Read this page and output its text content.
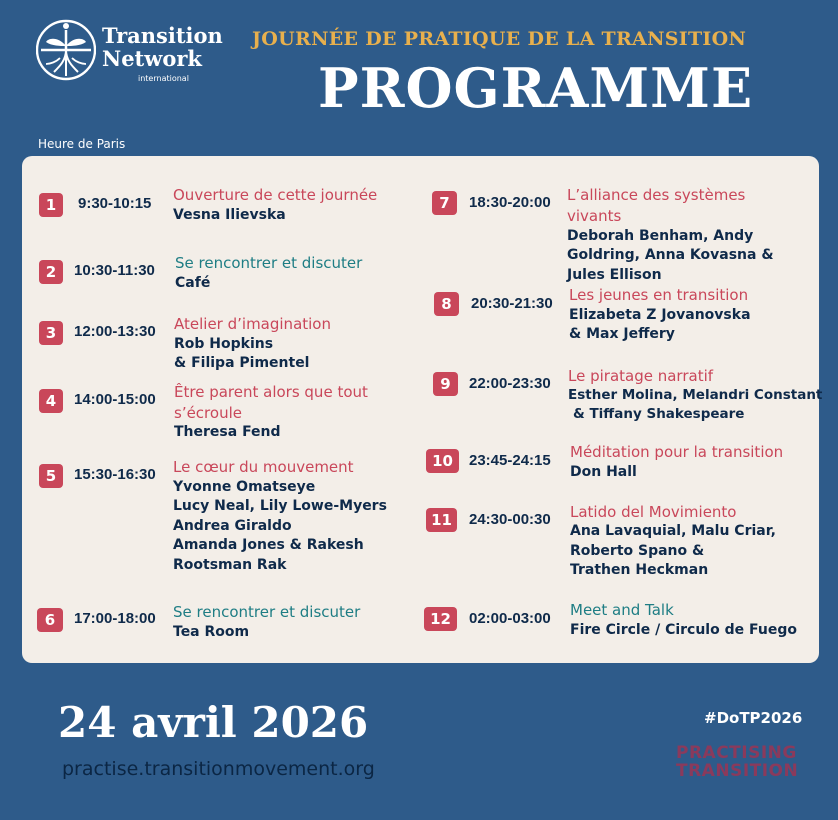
Transition
Network
international
JOURNÉE DE PRATIQUE DE LA TRANSITION
PROGRAMME
Heure de Paris
1	9:30-10:15 Ouverture de cette journée
Vesna Ilievska
2	10:30-11:30 Se rencontrer et discuter
Café
3	12:00-13:30 Atelier d’imagination
Rob Hopkins
& Filipa Pimentel
4	14:00-15:00 Être parent alors que tout
s’écroule
Theresa Fend
5	15:30-16:30 Le cœur du mouvement
Yvonne Omatseye
Lucy Neal, Lily Lowe-Myers
Andrea Giraldo
Amanda Jones & Rakesh
Rootsman Rak
6	17:00-18:00 Se rencontrer et discuter
Tea Room
7	18:30-20:00 L’alliance des systèmes
vivants
Deborah Benham, Andy
Goldring, Anna Kovasna &
Jules Ellison
8	20:30-21:30 Les jeunes en transition
Elizabeta Z Jovanovska
& Max Jeffery
9	22:00-23:30 Le piratage narratif
Esther Molina, Melandri Constant
& Tiffany Shakespeare
10	23:45-24:15 Méditation pour la transition
Don Hall
11	24:30-00:30 Latido del Movimiento
Ana Lavaquial, Malu Criar,
Roberto Spano &
Trathen Heckman
12	02:00-03:00 Meet and Talk
Fire Circle / Circulo de Fuego
24 avril 2026
practise.transitionmovement.org
#DoTP2026
PRACTISING
TRANSITION
